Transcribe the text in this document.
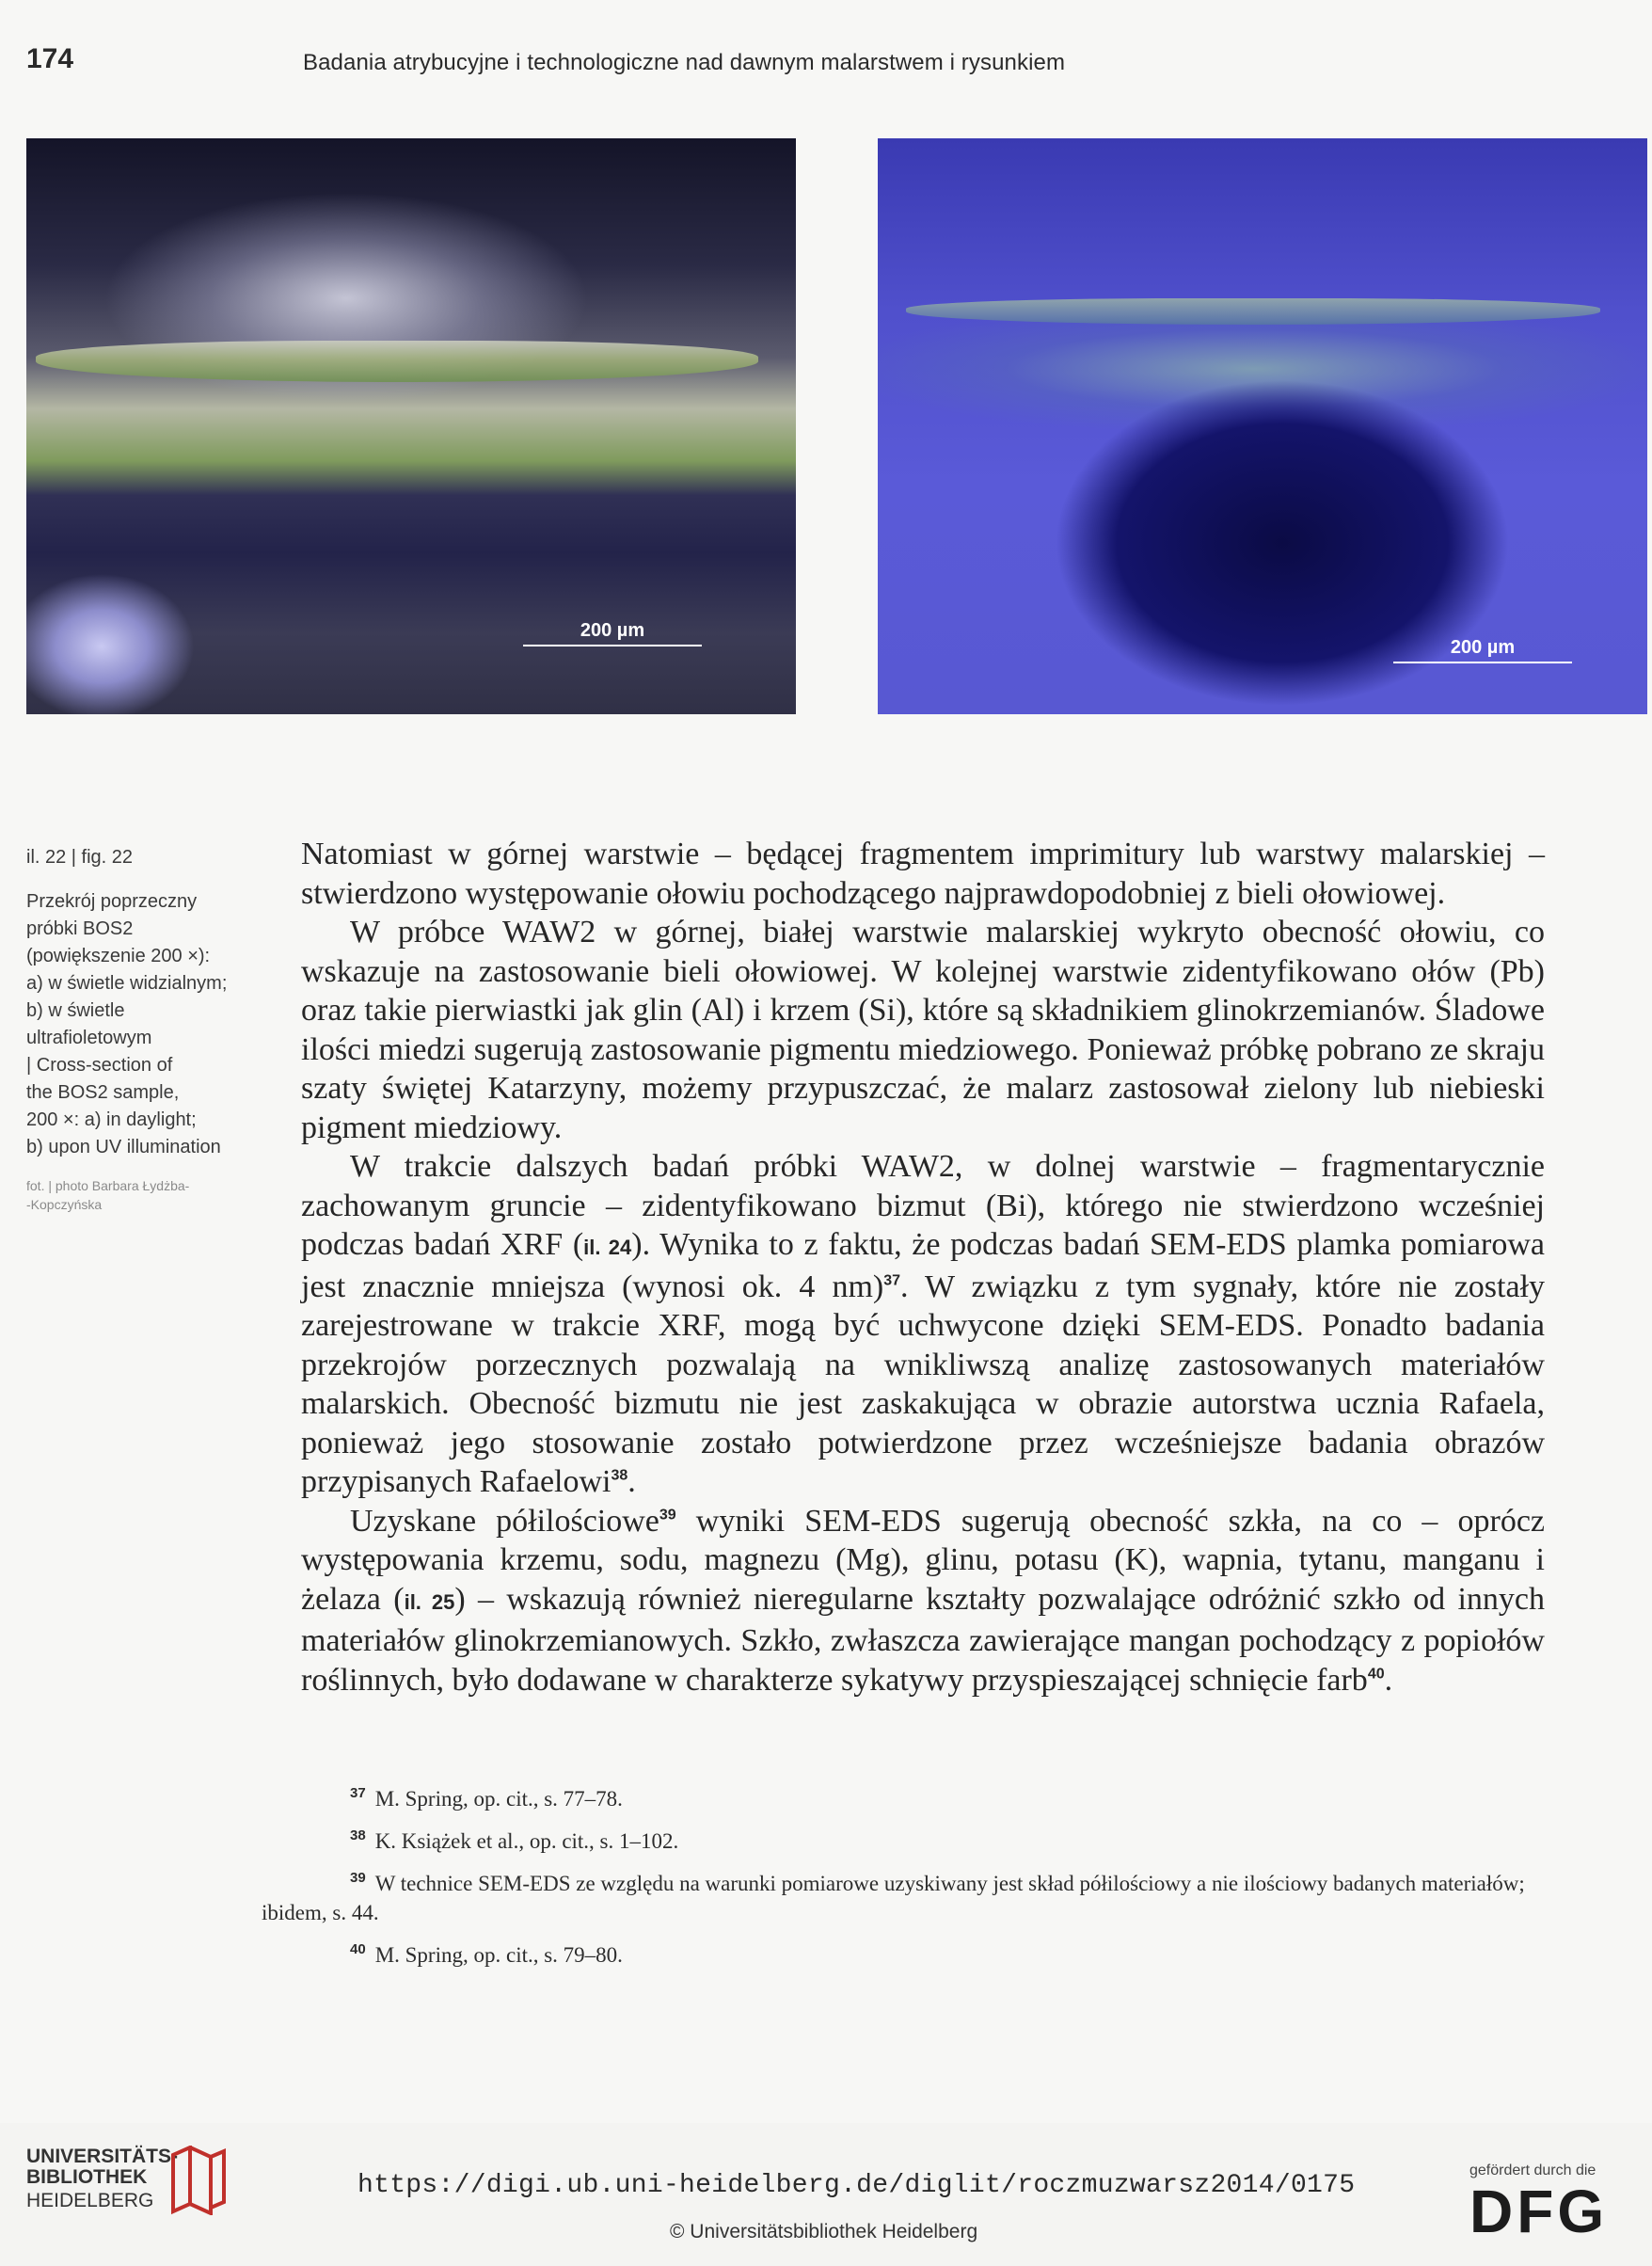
174	Badania atrybucyjne i technologiczne nad dawnym malarstwem i rysunkiem
200 µm
200 µm
il. 22 | fig. 22
Przekrój poprzeczny
próbki BOS2
(powiększenie 200 ×):
a) w świetle widzialnym;
b) w świetle
ultrafioletowym
| Cross-section of
the BOS2 sample,
200 ×: a) in daylight;
b) upon UV illumination
fot. | photo Barbara Łydżba-
-Kopczyńska

Natomiast w górnej warstwie – będącej fragmentem imprimitury lub warstwy malarskiej – stwierdzono występowanie ołowiu pochodzącego najprawdopodobniej z bieli ołowiowej.

W próbce WAW2 w górnej, białej warstwie malarskiej wykryto obecność ołowiu, co wskazuje na zastosowanie bieli ołowiowej. W kolejnej warstwie zidentyfikowano ołów (Pb) oraz takie pierwiastki jak glin (Al) i krzem (Si), które są składnikiem glinokrzemianów. Śladowe ilości miedzi sugerują zastosowanie pigmentu miedziowego. Ponieważ próbkę pobrano ze skraju szaty świętej Katarzyny, możemy przypuszczać, że malarz zastosował zielony lub niebieski pigment miedziowy.

W trakcie dalszych badań próbki WAW2, w dolnej warstwie – fragmentarycznie zachowanym gruncie – zidentyfikowano bizmut (Bi), którego nie stwierdzono wcześniej podczas badań XRF (il. 24). Wynika to z faktu, że podczas badań SEM-EDS plamka pomiarowa jest znacznie mniejsza (wynosi ok. 4 nm)$^{37}$. W związku z tym sygnały, które nie zostały zarejestrowane w trakcie XRF, mogą być uchwycone dzięki SEM-EDS. Ponadto badania przekrojów porzecznych pozwalają na wnikliwszą analizę zastosowanych materiałów malarskich. Obecność bizmutu nie jest zaskakująca w obrazie autorstwa ucznia Rafaela, ponieważ jego stosowanie zostało potwierdzone przez wcześniejsze badania obrazów przypisanych Rafaelowi$^{38}$.

Uzyskane półilościowe$^{39}$ wyniki SEM-EDS sugerują obecność szkła, na co – oprócz występowania krzemu, sodu, magnezu (Mg), glinu, potasu (K), wapnia, tytanu, manganu i żelaza (il. 25) – wskazują również nieregularne kształty pozwalające odróżnić szkło od innych materiałów glinokrzemianowych. Szkło, zwłaszcza zawierające mangan pochodzący z popiołów roślinnych, było dodawane w charakterze sykatywy przyspieszającej schnięcie farb$^{40}$.

$^{37}$ M. Spring, op. cit., s. 77–78.
$^{38}$ K. Książek et al., op. cit., s. 1–102.
$^{39}$ W technice SEM-EDS ze względu na warunki pomiarowe uzyskiwany jest skład półilościowy a nie ilościowy badanych materiałów; ibidem, s. 44.
$^{40}$ M. Spring, op. cit., s. 79–80.
UNIVERSITÄTS-
BIBLIOTHEK
HEIDELBERG
https://digi.ub.uni-heidelberg.de/diglit/roczmuzwarsz2014/0175
© Universitätsbibliothek Heidelberg
gefördert durch die
DFG
